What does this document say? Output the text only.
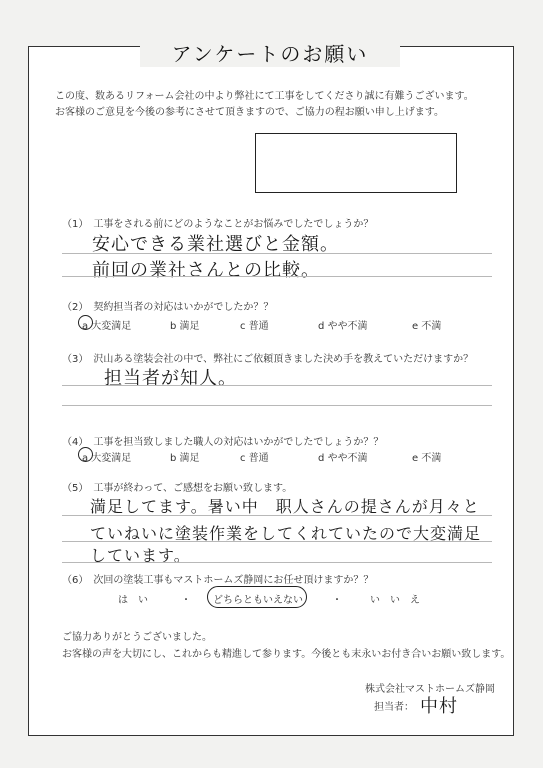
アンケートのお願い
この度、数あるリフォーム会社の中より弊社にて工事をしてくださり誠に有難うございます。
お客様のご意見を今後の参考にさせて頂きますので、ご協力の程お願い申し上げます。
（1）　工事をされる前にどのようなことがお悩みでしたでしょうか？
安心できる業社選びと金額。
前回の業社さんとの比較。
（2）　契約担当者の対応はいかがでしたか？？
a 大変満足	b 満足	c 普通	d やや不満	e 不満
（3）　沢山ある塗装会社の中で、弊社にご依頼頂きました決め手を教えていただけますか？
担当者が知人。
（4）　工事を担当致しました職人の対応はいかがでしたでしょうか？？
a 大変満足	b 満足	c 普通	d やや不満	e 不満
（5）　工事が終わって、ご感想をお願い致します。
満足してます。暑い中　职人さんの提さんが月々と
ていねいに塗装作業をしてくれていたので大変満足
しています。
（6）　次回の塗装工事もマストホームズ静岡にお任せ頂けますか？？
は　い	・ どちらともいえない	・	い　い　え
ご協力ありがとうございました。
お客様の声を大切にし、これからも精進して参ります。今後とも末永いお付き合いお願い致します。
株式会社マストホームズ静岡
担当者： 中村
